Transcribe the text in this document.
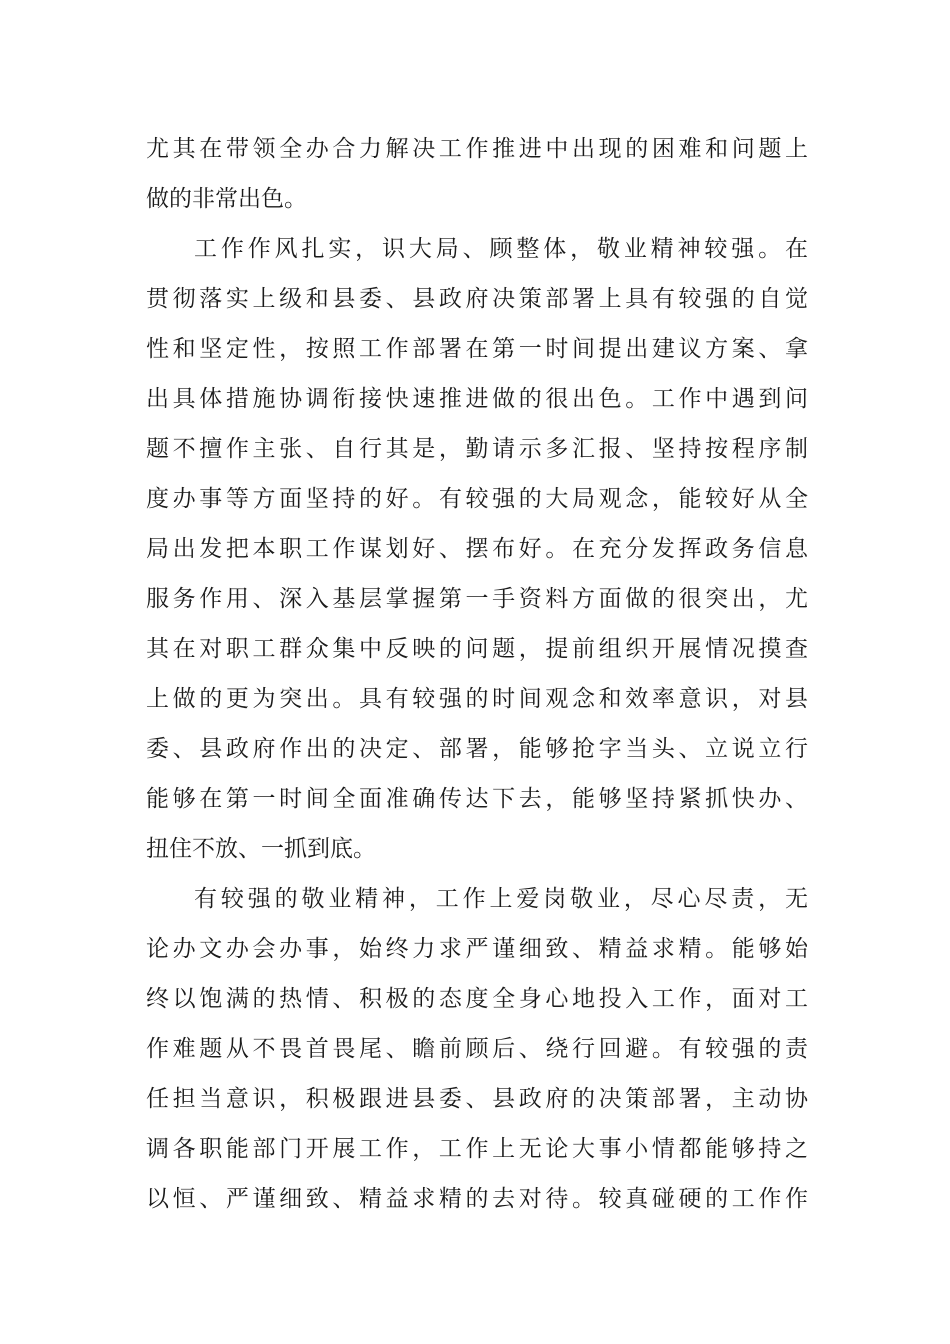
尤其在带领全办合力解决工作推进中出现的困难和问题上
做的非常出色。
工作作风扎实，识大局、顾整体，敬业精神较强。在
贯彻落实上级和县委、县政府决策部署上具有较强的自觉
性和坚定性，按照工作部署在第一时间提出建议方案、拿
出具体措施协调衔接快速推进做的很出色。工作中遇到问
题不擅作主张、自行其是，勤请示多汇报、坚持按程序制
度办事等方面坚持的好。有较强的大局观念，能较好从全
局出发把本职工作谋划好、摆布好。在充分发挥政务信息
服务作用、深入基层掌握第一手资料方面做的很突出，尤
其在对职工群众集中反映的问题，提前组织开展情况摸查
上做的更为突出。具有较强的时间观念和效率意识，对县
委、县政府作出的决定、部署，能够抢字当头、立说立行
能够在第一时间全面准确传达下去，能够坚持紧抓快办、
扭住不放、一抓到底。
有较强的敬业精神，工作上爱岗敬业，尽心尽责，无
论办文办会办事，始终力求严谨细致、精益求精。能够始
终以饱满的热情、积极的态度全身心地投入工作，面对工
作难题从不畏首畏尾、瞻前顾后、绕行回避。有较强的责
任担当意识，积极跟进县委、县政府的决策部署，主动协
调各职能部门开展工作，工作上无论大事小情都能够持之
以恒、严谨细致、精益求精的去对待。较真碰硬的工作作
